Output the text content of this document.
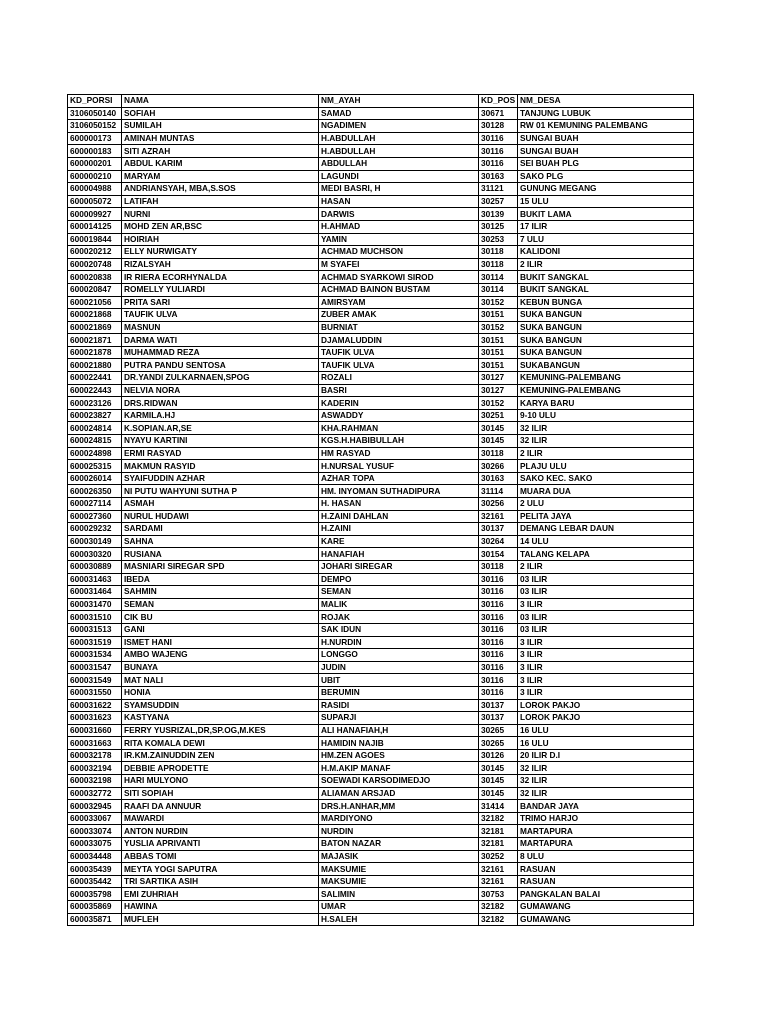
KD_PORSI	NAMA	NM_AYAH	KD_POS	NM_DESA
3106050140	SOFIAH	SAMAD	30671	TANJUNG LUBUK
3106050152	SUMILAH	NGADIMEN	30128	RW 01 KEMUNING PALEMBANG
600000173	AMINAH MUNTAS	H.ABDULLAH	30116	SUNGAI BUAH
600000183	SITI AZRAH	H.ABDULLAH	30116	SUNGAI BUAH
600000201	ABDUL KARIM	ABDULLAH	30116	SEI BUAH PLG
600000210	MARYAM	LAGUNDI	30163	SAKO PLG
600004988	ANDRIANSYAH, MBA,S.SOS	MEDI BASRI, H	31121	GUNUNG MEGANG
600005072	LATIFAH	HASAN	30257	15 ULU
600009927	NURNI	DARWIS	30139	BUKIT LAMA
600014125	MOHD ZEN AR,BSC	H.AHMAD	30125	17 ILIR
600019844	HOIRIAH	YAMIN	30253	7 ULU
600020212	ELLY NURWIGATY	ACHMAD MUCHSON	30118	KALIDONI
600020748	RIZALSYAH	M SYAFEI	30118	2 ILIR
600020838	IR RIERA ECORHYNALDA	ACHMAD SYARKOWI SIROD	30114	BUKIT SANGKAL
600020847	ROMELLY YULIARDI	ACHMAD BAINON BUSTAM	30114	BUKIT SANGKAL
600021056	PRITA SARI	AMIRSYAM	30152	KEBUN BUNGA
600021868	TAUFIK ULVA	ZUBER AMAK	30151	SUKA BANGUN
600021869	MASNUN	BURNIAT	30152	SUKA BANGUN
600021871	DARMA WATI	DJAMALUDDIN	30151	SUKA BANGUN
600021878	MUHAMMAD REZA	TAUFIK ULVA	30151	SUKA BANGUN
600021880	PUTRA PANDU SENTOSA	TAUFIK ULVA	30151	SUKABANGUN
600022441	DR.YANDI ZULKARNAEN,SPOG	ROZALI	30127	KEMUNING-PALEMBANG
600022443	NELVIA NORA	BASRI	30127	KEMUNING-PALEMBANG
600023126	DRS.RIDWAN	KADERIN	30152	KARYA BARU
600023827	KARMILA.HJ	ASWADDY	30251	9-10 ULU
600024814	K.SOPIAN.AR,SE	KHA.RAHMAN	30145	32 ILIR
600024815	NYAYU KARTINI	KGS.H.HABIBULLAH	30145	32 ILIR
600024898	ERMI RASYAD	HM RASYAD	30118	2 ILIR
600025315	MAKMUN RASYID	H.NURSAL YUSUF	30266	PLAJU ULU
600026014	SYAIFUDDIN AZHAR	AZHAR TOPA	30163	SAKO KEC. SAKO
600026350	NI PUTU WAHYUNI SUTHA P	HM. INYOMAN SUTHADIPURA	31114	MUARA DUA
600027114	ASMAH	H. HASAN	30256	2 ULU
600027360	NURUL HUDAWI	H.ZAINI DAHLAN	32161	PELITA JAYA
600029232	SARDAMI	H.ZAINI	30137	DEMANG LEBAR DAUN
600030149	SAHNA	KARE	30264	14 ULU
600030320	RUSIANA	HANAFIAH	30154	TALANG KELAPA
600030889	MASNIARI SIREGAR SPD	JOHARI SIREGAR	30118	2 ILIR
600031463	IBEDA	DEMPO	30116	03 ILIR
600031464	SAHMIN	SEMAN	30116	03 ILIR
600031470	SEMAN	MALIK	30116	3 ILIR
600031510	CIK BU	ROJAK	30116	03 ILIR
600031513	GANI	SAK IDUN	30116	03 ILIR
600031519	ISMET HANI	H.NURDIN	30116	3 ILIR
600031534	AMBO WAJENG	LONGGO	30116	3 ILIR
600031547	BUNAYA	JUDIN	30116	3 ILIR
600031549	MAT NALI	UBIT	30116	3 ILIR
600031550	HONIA	BERUMIN	30116	3 ILIR
600031622	SYAMSUDDIN	RASIDI	30137	LOROK PAKJO
600031623	KASTYANA	SUPARJI	30137	LOROK PAKJO
600031660	FERRY YUSRIZAL,DR,SP.OG,M.KES	ALI HANAFIAH,H	30265	16 ULU
600031663	RITA KOMALA DEWI	HAMIDIN NAJIB	30265	16 ULU
600032178	IR.KM.ZAINUDDIN ZEN	HM.ZEN AGOES	30126	20 ILIR D.I
600032194	DEBBIE APRODETTE	H.M.AKIP MANAF	30145	32 ILIR
600032198	HARI MULYONO	SOEWADI KARSODIMEDJO	30145	32 ILIR
600032772	SITI SOPIAH	ALIAMAN ARSJAD	30145	32 ILIR
600032945	RAAFI DA ANNUUR	DRS.H.ANHAR,MM	31414	BANDAR JAYA
600033067	MAWARDI	MARDIYONO	32182	TRIMO HARJO
600033074	ANTON NURDIN	NURDIN	32181	MARTAPURA
600033075	YUSLIA APRIVANTI	BATON NAZAR	32181	MARTAPURA
600034448	ABBAS TOMI	MAJASIK	30252	8 ULU
600035439	MEYTA YOGI SAPUTRA	MAKSUMIE	32161	RASUAN
600035442	TRI SARTIKA ASIH	MAKSUMIE	32161	RASUAN
600035798	EMI ZUHRIAH	SALIMIN	30753	PANGKALAN BALAI
600035869	HAWINA	UMAR	32182	GUMAWANG
600035871	MUFLEH	H.SALEH	32182	GUMAWANG
